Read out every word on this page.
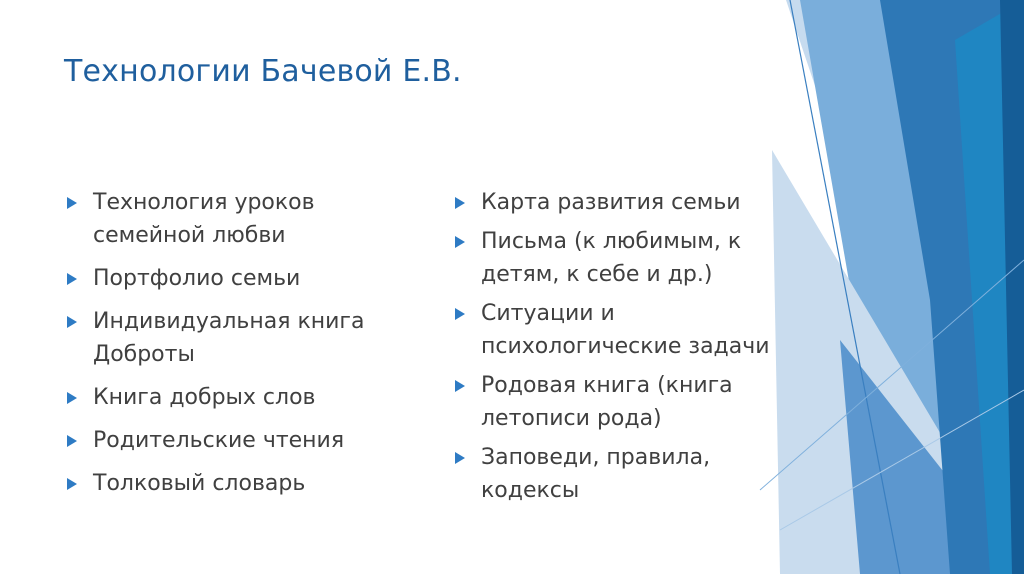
Технологии Бачевой Е.В.
Технология уроков семейной любви
Портфолио семьи
Индивидуальная книга Доброты
Книга добрых слов
Родительские чтения
Толковый словарь
Карта развития семьи
Письма (к любимым, к детям, к себе и др.)
Ситуации и психологические задачи
Родовая книга (книга летописи рода)
Заповеди, правила, кодексы
